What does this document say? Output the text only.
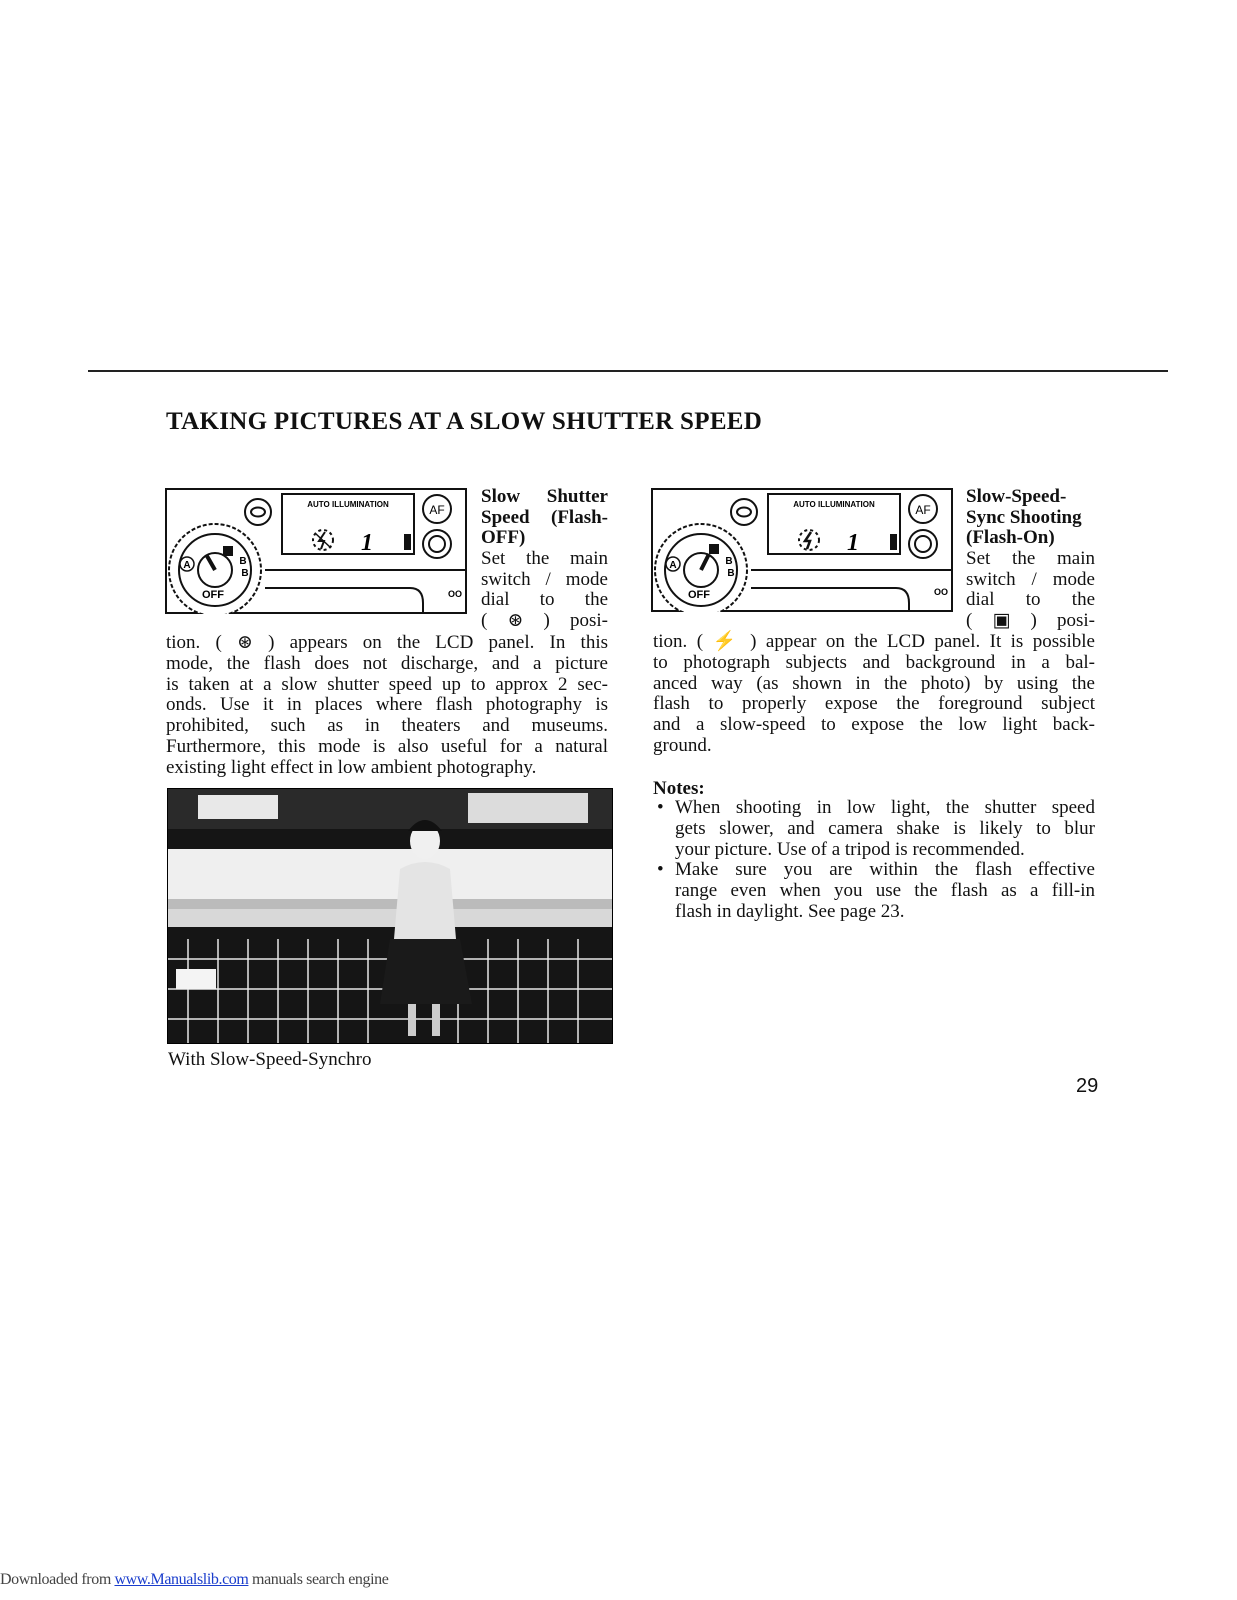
TAKING PICTURES AT A SLOW SHUTTER SPEED
AUTO ILLUMINATION	AF
1
OO
A	B
B
OFF
Slow Shutter
Speed (Flash-
OFF)
Set the main
switch / mode
dial to the
( ⊛ ) posi-
tion. ( ⊛ ) appears on the LCD panel. In this
mode, the flash does not discharge, and a picture
is taken at a slow shutter speed up to approx 2 sec-
onds. Use it in places where flash photography is
prohibited, such as in theaters and museums.
Furthermore, this mode is also useful for a natural
existing light effect in low ambient photography.
With Slow-Speed-Synchro
AUTO ILLUMINATION	AF
1
OO
A	B
B
OFF
Slow-Speed-
Sync Shooting
(Flash-On)
Set the main
switch / mode
dial to the
( ▣ ) posi-
tion. ( ⚡ ) appear on the LCD panel. It is possible
to photograph subjects and background in a bal-
anced way (as shown in the photo) by using the
flash to properly expose the foreground subject
and a slow-speed to expose the low light back-
ground.
Notes:
• When shooting in low light, the shutter speed
gets slower, and camera shake is likely to blur
your picture. Use of a tripod is recommended.
• Make sure you are within the flash effective
range even when you use the flash as a fill-in
flash in daylight. See page 23.
29
Downloaded from www.Manualslib.com manuals search engine
